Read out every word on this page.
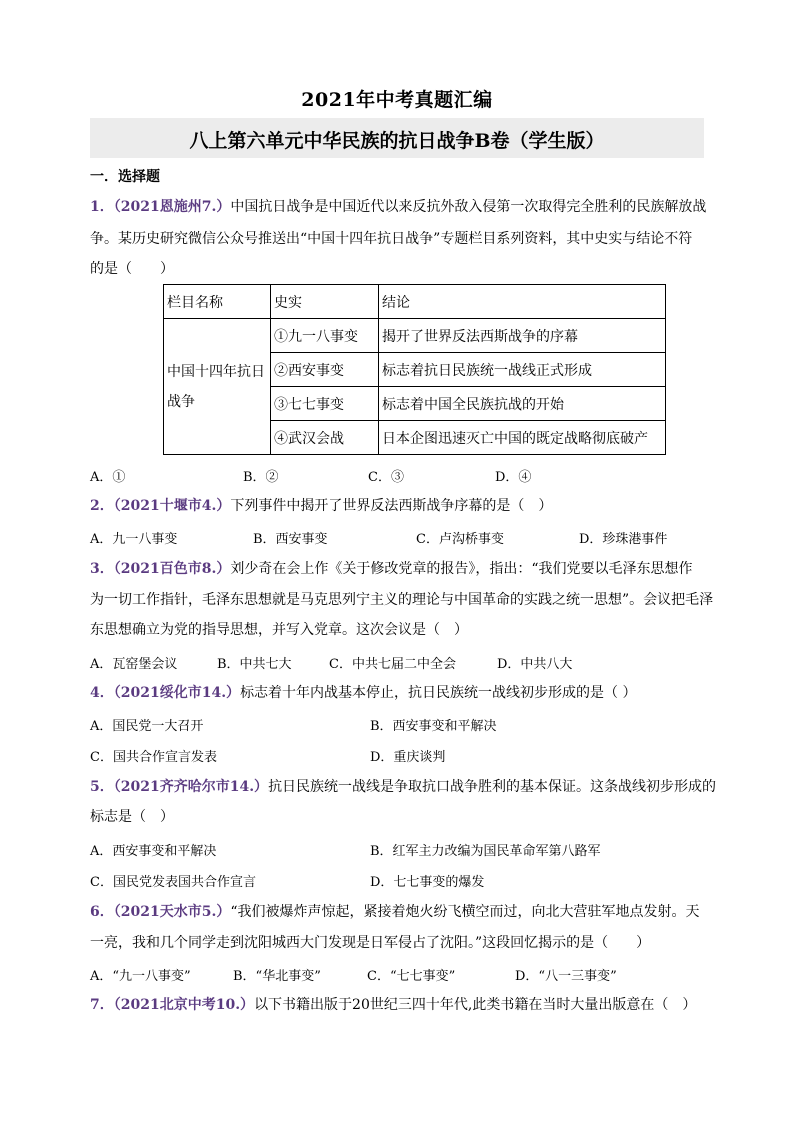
2021年中考真题汇编
八上第六单元中华民族的抗日战争B卷（学生版）
一．选择题
1．（2021恩施州7.）中国抗日战争是中国近代以来反抗外敌入侵第一次取得完全胜利的民族解放战
争。某历史研究微信公众号推送出“中国十四年抗日战争”专题栏目系列资料，其中史实与结论不符
的是（　　）
栏目名称	史实	结论
中国十四年抗日
战争	①九一八事变	揭开了世界反法西斯战争的序幕
	②西安事变	标志着抗日民族统一战线正式形成
	③七七事变	标志着中国全民族抗战的开始
	④武汉会战	日本企图迅速灭亡中国的既定战略彻底破产
A．①	B．②	C．③	D．④
2．（2021十堰市4.）下列事件中揭开了世界反法西斯战争序幕的是（　）
A．九一八事变	B．西安事变	C．卢沟桥事变	D．珍珠港事件
3．（2021百色市8.）刘少奇在会上作《关于修改党章的报告》，指出：“我们党要以毛泽东思想作
为一切工作指针，毛泽东思想就是马克思列宁主义的理论与中国革命的实践之统一思想”。会议把毛泽
东思想确立为党的指导思想，并写入党章。这次会议是（　）
A．瓦窑堡会议	B．中共七大	C．中共七届二中全会	D．中共八大
4．（2021绥化市14.）标志着十年内战基本停止，抗日民族统一战线初步形成的是（ ）
A．国民党一大召开	B．西安事变和平解决
C．国共合作宣言发表	D．重庆谈判
5．（2021齐齐哈尔市14.）抗日民族统一战线是争取抗口战争胜利的基本保证。这条战线初步形成的
标志是（　）
A．西安事变和平解决	B．红军主力改编为国民革命军第八路军
C．国民党发表国共合作宣言	D．七七事变的爆发
6．（2021天水市5.）“我们被爆炸声惊起，紧接着炮火纷飞横空而过，向北大营驻军地点发射。天
一亮，我和几个同学走到沈阳城西大门发现是日军侵占了沈阳。”这段回忆揭示的是（　　）
A．“九一八事变”	B．“华北事变”	C．“七七事变”	D．“八一三事变”
7．（2021北京中考10.）以下书籍出版于20世纪三四十年代,此类书籍在当时大量出版意在（　）
